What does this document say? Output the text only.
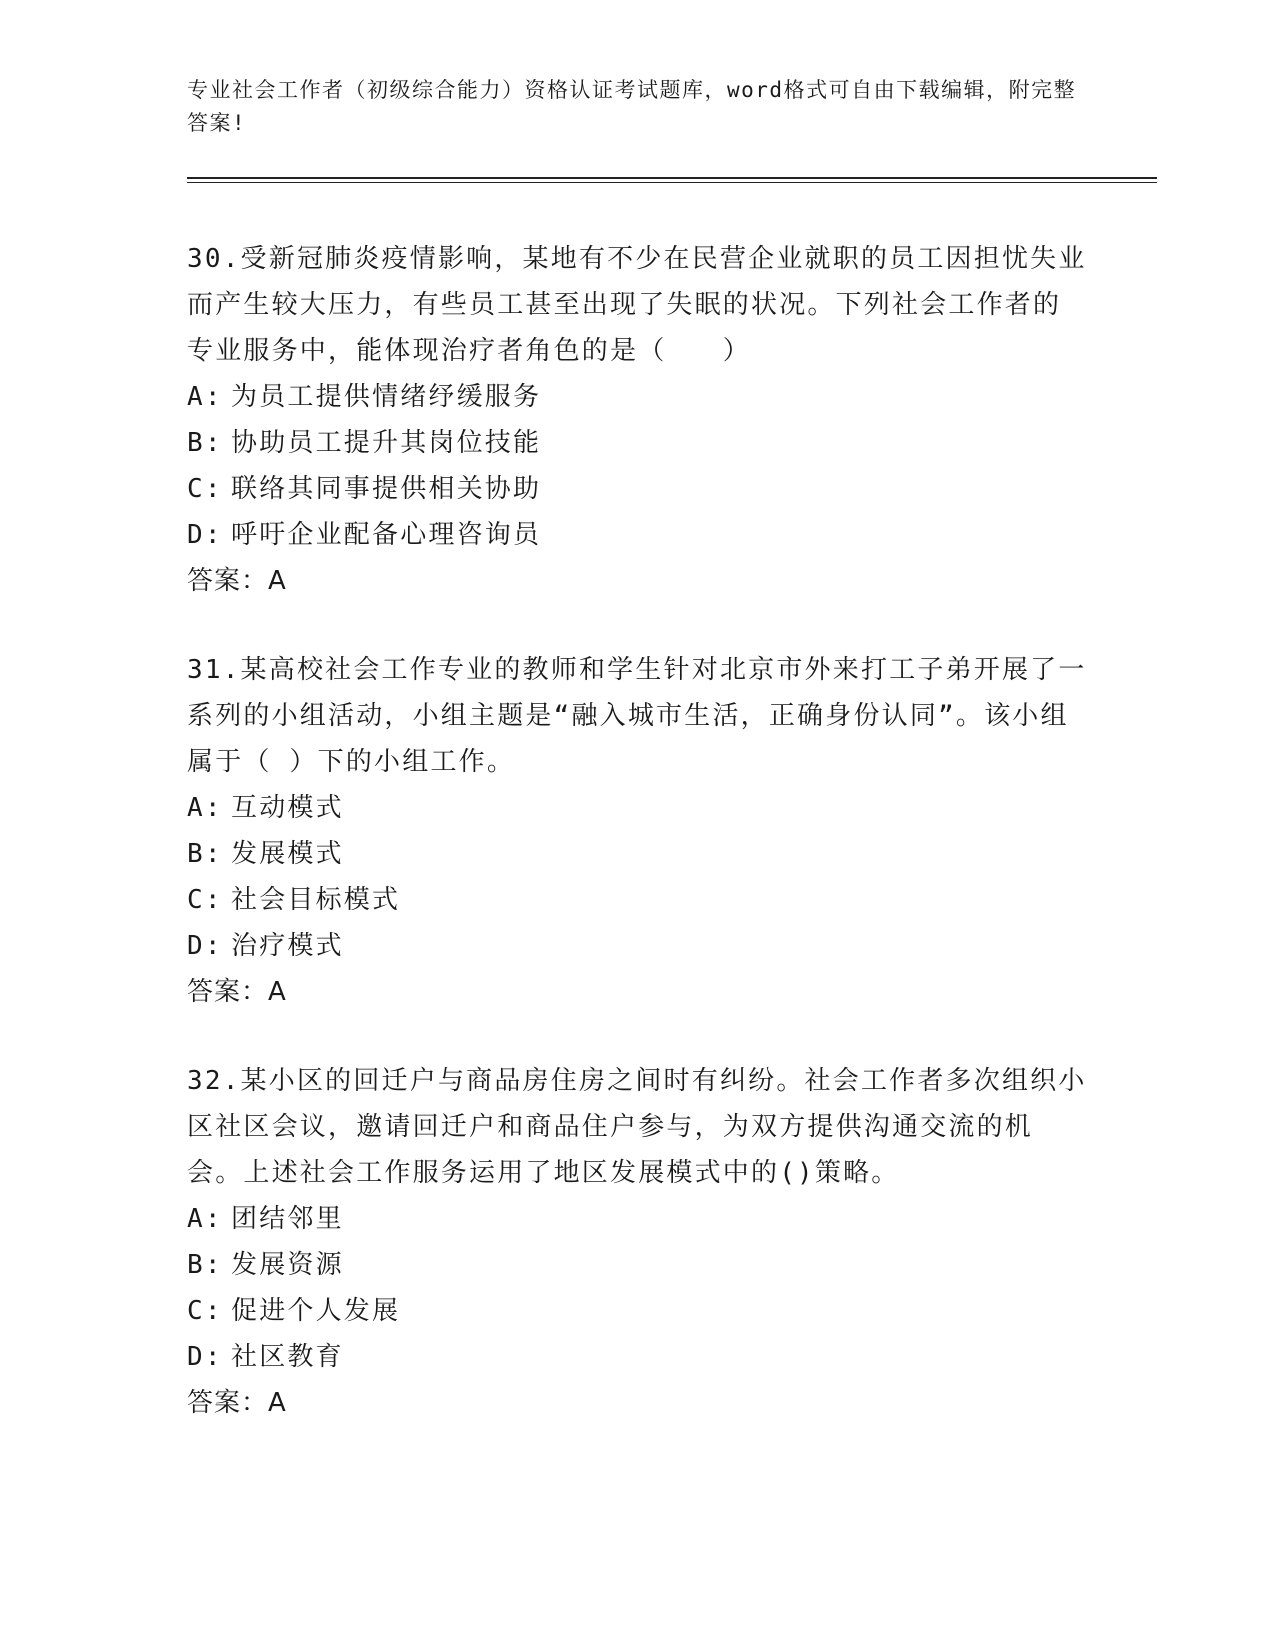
专业社会工作者（初级综合能力）资格认证考试题库，word格式可自由下载编辑，附完整答案!

30.受新冠肺炎疫情影响，某地有不少在民营企业就职的员工因担忧失业而产生较大压力，有些员工甚至出现了失眠的状况。下列社会工作者的专业服务中，能体现治疗者角色的是（　　）

A: 为员工提供情绪纾缓服务

B: 协助员工提升其岗位技能

C: 联络其同事提供相关协助

D: 呼吁企业配备心理咨询员

答案：A

31.某高校社会工作专业的教师和学生针对北京市外来打工子弟开展了一系列的小组活动，小组主题是“融入城市生活，正确身份认同”。该小组属于（ ）下的小组工作。

A: 互动模式

B: 发展模式

C: 社会目标模式

D: 治疗模式

答案：A

32.某小区的回迁户与商品房住房之间时有纠纷。社会工作者多次组织小区社区会议，邀请回迁户和商品住户参与，为双方提供沟通交流的机会。上述社会工作服务运用了地区发展模式中的()策略。

A: 团结邻里

B: 发展资源

C: 促进个人发展

D: 社区教育

答案：A
